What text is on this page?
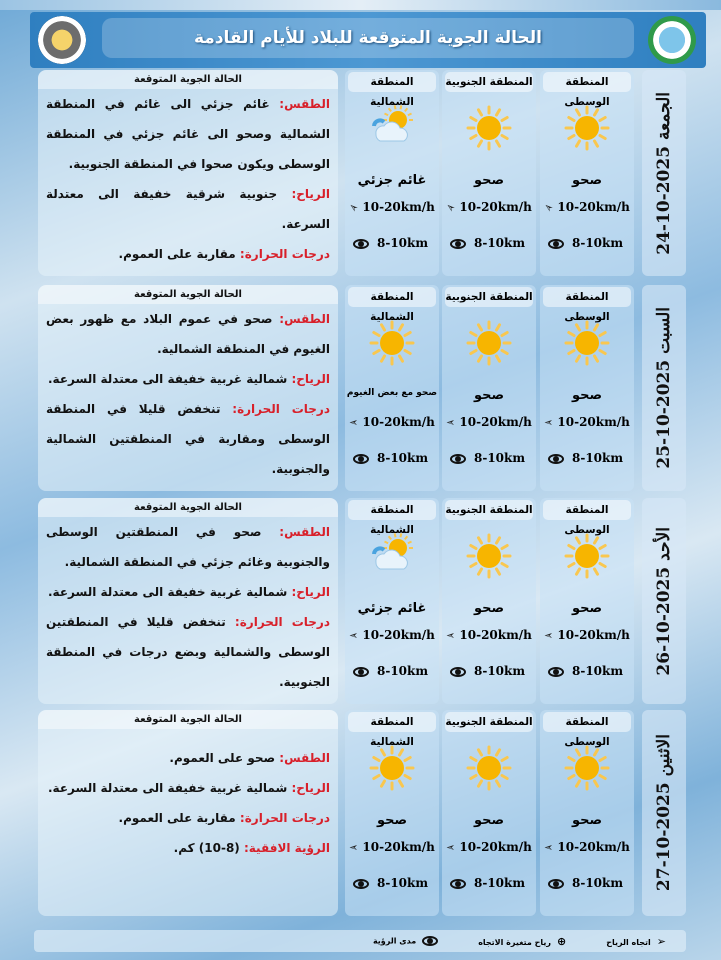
الحالة الجوية المتوقعة للبلاد للأيام القادمة
الحالة الجوية المتوقعة
الطقس: غائم جزئي الى غائم في المنطقة الشمالية وصحو الى غائم جزئي في المنطقة الوسطى ويكون صحوا في المنطقة الجنوبية.
الرياح: جنوبية شرقية خفيفة الى معتدلة السرعة.
درجات الحرارة: مقاربة على العموم.
المنطقة الشمالية
غائم جزئي
➢ 10-20km/h
8-10km
المنطقة الجنوبية
صحو
➢ 10-20km/h
8-10km
المنطقة الوسطى
صحو
➢ 10-20km/h
8-10km الجمعة 2025-10-24
الحالة الجوية المتوقعة
الطقس: صحو في عموم البلاد مع ظهور بعض الغيوم في المنطقة الشمالية.
الرياح: شمالية غربية خفيفة الى معتدلة السرعة.
درجات الحرارة: تنخفض قليلا في المنطقة الوسطى ومقاربة في المنطقتين الشمالية والجنوبية.
المنطقة الشمالية
صحو مع بعض الغيوم
➢ 10-20km/h
8-10km
المنطقة الجنوبية
صحو
➢ 10-20km/h
8-10km
المنطقة الوسطى
صحو
➢ 10-20km/h
8-10km السبت 2025-10-25
الحالة الجوية المتوقعة
الطقس: صحو في المنطقتين الوسطى والجنوبية وغائم جزئي في المنطقة الشمالية.
الرياح: شمالية غربية خفيفة الى معتدلة السرعة.
درجات الحرارة: تنخفض قليلا في المنطقتين الوسطى والشمالية وبضع درجات في المنطقة الجنوبية.
المنطقة الشمالية
غائم جزئي
➢ 10-20km/h
8-10km
المنطقة الجنوبية
صحو
➢ 10-20km/h
8-10km
المنطقة الوسطى
صحو
➢ 10-20km/h
8-10km الأحد 2025-10-26
الحالة الجوية المتوقعة
الطقس: صحو على العموم.
الرياح: شمالية غربية خفيفة الى معتدلة السرعة.
درجات الحرارة: مقاربة على العموم.
الرؤية الافقية: (8-10) كم.
المنطقة الشمالية
صحو
➢ 10-20km/h
8-10km
المنطقة الجنوبية
صحو
➢ 10-20km/h
8-10km
المنطقة الوسطى
صحو
➢ 10-20km/h
8-10km الاثنين 2025-10-27
➢اتجاه الرياح
⊕رياح متغيرة الاتجاه
مدى الرؤية
